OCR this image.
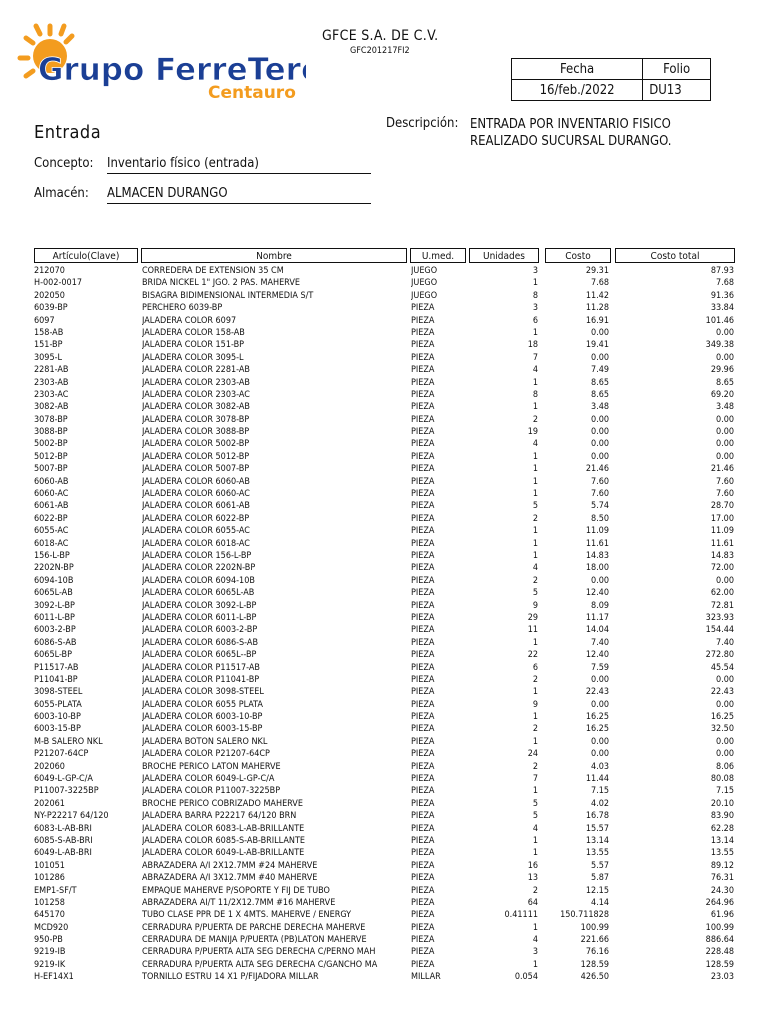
Grupo FerreTero
Centauro
GFCE S.A. DE C.V.
GFC201217FI2
Fecha	Folio
16/feb./2022	DU13
Entrada	Descripción: ENTRADA POR INVENTARIO FISICO
REALIZADO SUCURSAL DURANGO.
Concepto: Inventario físico (entrada)
Almacén: ALMACEN DURANGO
Artículo(Clave)	Nombre	U.med.	Unidades	Costo	Costo total
212070	CORREDERA DE EXTENSION 35 CM	JUEGO	3	29.31	87.93
H-002-0017	BRIDA NICKEL 1" JGO. 2 PAS. MAHERVE	JUEGO	1	7.68	7.68
202050	BISAGRA BIDIMENSIONAL INTERMEDIA S/T	JUEGO	8	11.42	91.36
6039-BP	PERCHERO 6039-BP	PIEZA	3	11.28	33.84
6097	JALADERA COLOR 6097	PIEZA	6	16.91	101.46
158-AB	JALADERA COLOR 158-AB	PIEZA	1	0.00	0.00
151-BP	JALADERA COLOR 151-BP	PIEZA	18	19.41	349.38
3095-L	JALADERA COLOR 3095-L	PIEZA	7	0.00	0.00
2281-AB	JALADERA COLOR 2281-AB	PIEZA	4	7.49	29.96
2303-AB	JALADERA COLOR 2303-AB	PIEZA	1	8.65	8.65
2303-AC	JALADERA COLOR 2303-AC	PIEZA	8	8.65	69.20
3082-AB	JALADERA COLOR 3082-AB	PIEZA	1	3.48	3.48
3078-BP	JALADERA COLOR 3078-BP	PIEZA	2	0.00	0.00
3088-BP	JALADERA COLOR 3088-BP	PIEZA	19	0.00	0.00
5002-BP	JALADERA COLOR 5002-BP	PIEZA	4	0.00	0.00
5012-BP	JALADERA COLOR 5012-BP	PIEZA	1	0.00	0.00
5007-BP	JALADERA COLOR 5007-BP	PIEZA	1	21.46	21.46
6060-AB	JALADERA COLOR 6060-AB	PIEZA	1	7.60	7.60
6060-AC	JALADERA COLOR 6060-AC	PIEZA	1	7.60	7.60
6061-AB	JALADERA COLOR 6061-AB	PIEZA	5	5.74	28.70
6022-BP	JALADERA COLOR 6022-BP	PIEZA	2	8.50	17.00
6055-AC	JALADERA COLOR 6055-AC	PIEZA	1	11.09	11.09
6018-AC	JALADERA COLOR 6018-AC	PIEZA	1	11.61	11.61
156-L-BP	JALADERA COLOR 156-L-BP	PIEZA	1	14.83	14.83
2202N-BP	JALADERA COLOR 2202N-BP	PIEZA	4	18.00	72.00
6094-10B	JALADERA COLOR 6094-10B	PIEZA	2	0.00	0.00
6065L-AB	JALADERA COLOR 6065L-AB	PIEZA	5	12.40	62.00
3092-L-BP	JALADERA COLOR 3092-L-BP	PIEZA	9	8.09	72.81
6011-L-BP	JALADERA COLOR 6011-L-BP	PIEZA	29	11.17	323.93
6003-2-BP	JALADERA COLOR 6003-2-BP	PIEZA	11	14.04	154.44
6086-S-AB	JALADERA COLOR 6086-S-AB	PIEZA	1	7.40	7.40
6065L-BP	JALADERA COLOR 6065L--BP	PIEZA	22	12.40	272.80
P11517-AB	JALADERA COLOR P11517-AB	PIEZA	6	7.59	45.54
P11041-BP	JALADERA COLOR P11041-BP	PIEZA	2	0.00	0.00
3098-STEEL	JALADERA COLOR 3098-STEEL	PIEZA	1	22.43	22.43
6055-PLATA	JALADERA COLOR 6055 PLATA	PIEZA	9	0.00	0.00
6003-10-BP	JALADERA COLOR 6003-10-BP	PIEZA	1	16.25	16.25
6003-15-BP	JALADERA COLOR 6003-15-BP	PIEZA	2	16.25	32.50
M-B SALERO NKL	JALADERA BOTON SALERO NKL	PIEZA	1	0.00	0.00
P21207-64CP	JALADERA COLOR P21207-64CP	PIEZA	24	0.00	0.00
202060	BROCHE PERICO LATON MAHERVE	PIEZA	2	4.03	8.06
6049-L-GP-C/A	JALADERA COLOR 6049-L-GP-C/A	PIEZA	7	11.44	80.08
P11007-3225BP	JALADERA COLOR P11007-3225BP	PIEZA	1	7.15	7.15
202061	BROCHE PERICO COBRIZADO MAHERVE	PIEZA	5	4.02	20.10
NY-P22217 64/120	JALADERA BARRA P22217 64/120 BRN	PIEZA	5	16.78	83.90
6083-L-AB-BRI	JALADERA COLOR 6083-L-AB-BRILLANTE	PIEZA	4	15.57	62.28
6085-S-AB-BRI	JALADERA COLOR 6085-S-AB-BRILLANTE	PIEZA	1	13.14	13.14
6049-L-AB-BRI	JALADERA COLOR 6049-L-AB-BRILLANTE	PIEZA	1	13.55	13.55
101051	ABRAZADERA A/I 2X12.7MM #24 MAHERVE	PIEZA	16	5.57	89.12
101286	ABRAZADERA A/I 3X12.7MM #40 MAHERVE	PIEZA	13	5.87	76.31
EMP1-SF/T	EMPAQUE MAHERVE P/SOPORTE Y FIJ DE TUBO	PIEZA	2	12.15	24.30
101258	ABRAZADERA AI/T 11/2X12.7MM #16 MAHERVE	PIEZA	64	4.14	264.96
645170	TUBO CLASE PPR DE 1 X 4MTS. MAHERVE / ENERGY	PIEZA	0.41111	150.711828	61.96
MCD920	CERRADURA P/PUERTA DE PARCHE DERECHA MAHERVE	PIEZA	1	100.99	100.99
950-PB	CERRADURA DE MANIJA P/PUERTA (PB)LATON MAHERVE	PIEZA	4	221.66	886.64
9219-IB	CERRADURA P/PUERTA ALTA SEG DERECHA C/PERNO MAH	PIEZA	3	76.16	228.48
9219-IK	CERRADURA P/PUERTA ALTA SEG DERECHA C/GANCHO MA	PIEZA	1	128.59	128.59
H-EF14X1	TORNILLO ESTRU 14 X1 P/FIJADORA MILLAR	MILLAR	0.054	426.50	23.03
